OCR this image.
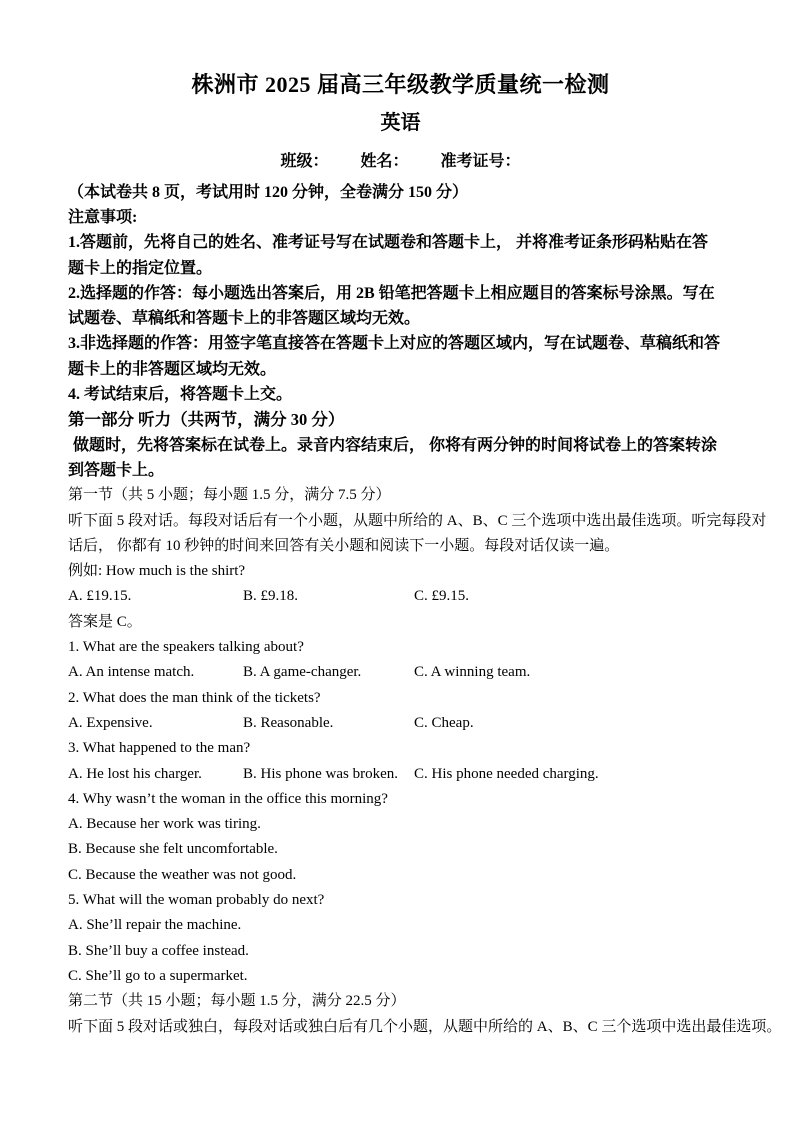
株洲市 2025 届高三年级教学质量统一检测
英语
班级： 姓名： 准考证号：
（本试卷共 8 页，考试用时 120 分钟，全卷满分 150 分）
注意事项:
1.答题前，先将自己的姓名、准考证号写在试题卷和答题卡上， 并将准考证条形码粘贴在答
题卡上的指定位置。
2.选择题的作答：每小题选出答案后，用 2B 铅笔把答题卡上相应题目的答案标号涂黑。写在
试题卷、草稿纸和答题卡上的非答题区域均无效。
3.非选择题的作答：用签字笔直接答在答题卡上对应的答题区域内，写在试题卷、草稿纸和答
题卡上的非答题区域均无效。
4. 考试结束后，将答题卡上交。
第一部分 听力（共两节，满分 30 分）
做题时，先将答案标在试卷上。录音内容结束后， 你将有两分钟的时间将试卷上的答案转涂
到答题卡上。
第一节（共 5 小题；每小题 1.5 分，满分 7.5 分）
听下面 5 段对话。每段对话后有一个小题，从题中所给的 A、B、C 三个选项中选出最佳选项。听完每段对
话后， 你都有 10 秒钟的时间来回答有关小题和阅读下一小题。每段对话仅读一遍。
例如: How much is the shirt?
A. £19.15.	B. £9.18.	C. £9.15.
答案是 C。
1. What are the speakers talking about?
A. An intense match.	B. A game-changer.	C. A winning team.
2. What does the man think of the tickets?
A. Expensive.	B. Reasonable.	C. Cheap.
3. What happened to the man?
A. He lost his charger.	B. His phone was broken.	C. His phone needed charging.
4. Why wasn’t the woman in the office this morning?
A. Because her work was tiring.
B. Because she felt uncomfortable.
C. Because the weather was not good.
5. What will the woman probably do next?
A. She’ll repair the machine.
B. She’ll buy a coffee instead.
C. She’ll go to a supermarket.
第二节（共 15 小题；每小题 1.5 分，满分 22.5 分）
听下面 5 段对话或独白，每段对话或独白后有几个小题，从题中所给的 A、B、C 三个选项中选出最佳选项。
